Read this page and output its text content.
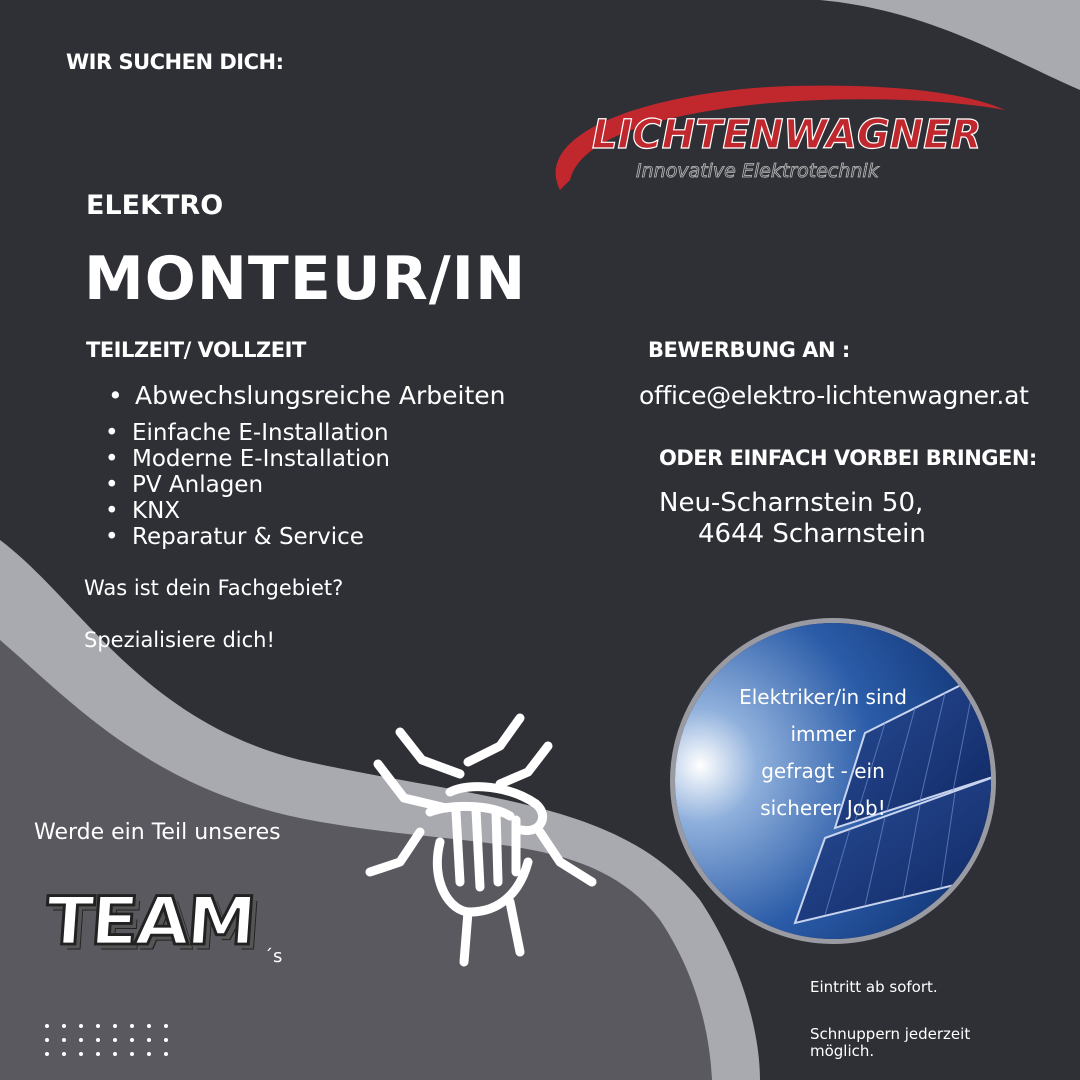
WIR SUCHEN DICH:
LICHTENWAGNER
Innovative Elektrotechnik
ELEKTRO
MONTEUR/IN
TEILZEIT/ VOLLZEIT
• Abwechslungsreiche Arbeiten
• Einfache E-Installation
• Moderne E-Installation
• PV Anlagen
• KNX
• Reparatur & Service
Was ist dein Fachgebiet?
Spezialisiere dich!
BEWERBUNG AN :
office@elektro-lichtenwagner.at
ODER EINFACH VORBEI BRINGEN:
Neu-Scharnstein 50,
4644 Scharnstein
Elektriker/in sind
immer
gefragt - ein
sicherer Job!
Werde ein Teil unseres
TEAM ´s
Eintritt ab sofort.
Schnuppern jederzeit möglich.
